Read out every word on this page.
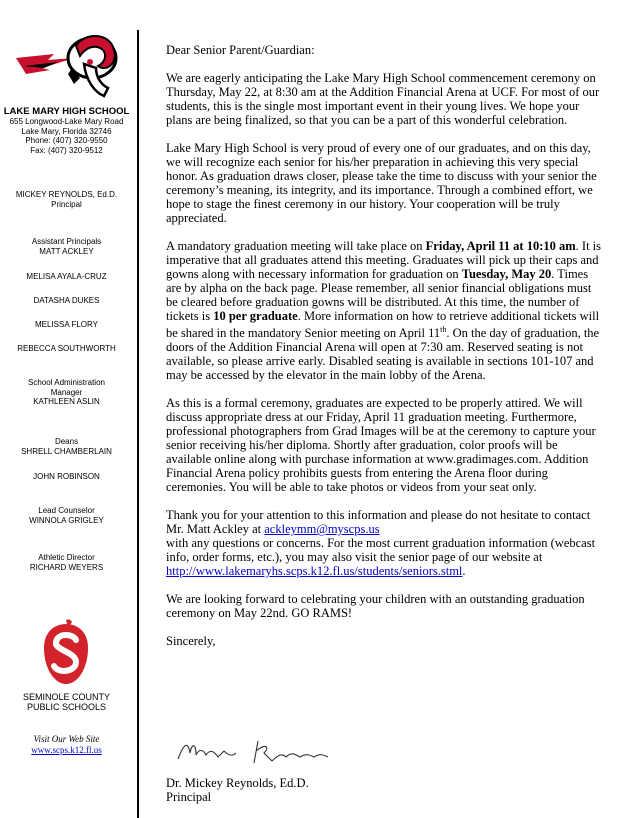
LAKE MARY HIGH SCHOOL
655 Longwood-Lake Mary Road
Lake Mary, Florida 32746
Phone: (407) 320-9550
Fax: (407) 320-9512
MICKEY REYNOLDS, Ed.D.
Principal
Assistant Principals
MATT ACKLEY
MELISA AYALA-CRUZ
DATASHA DUKES
MELISSA FLORY
REBECCA SOUTHWORTH
School Administration
Manager
KATHLEEN ASLIN
Deans
SHRELL CHAMBERLAIN
JOHN ROBINSON
Lead Counselor
WINNOLA GRIGLEY
Athletic Director
RICHARD WEYERS
SEMINOLE COUNTY
PUBLIC SCHOOLS
Visit Our Web Site
www.scps.k12.fl.us

Dear Senior Parent/Guardian:

We are eagerly anticipating the Lake Mary High School commencement ceremony on Thursday, May 22, at 8:30 am at the Addition Financial Arena at UCF. For most of our students, this is the single most important event in their young lives. We hope your plans are being finalized, so that you can be a part of this wonderful celebration.

Lake Mary High School is very proud of every one of our graduates, and on this day, we will recognize each senior for his/her preparation in achieving this very special honor. As graduation draws closer, please take the time to discuss with your senior the ceremony’s meaning, its integrity, and its importance. Through a combined effort, we hope to stage the finest ceremony in our history. Your cooperation will be truly appreciated.

A mandatory graduation meeting will take place on Friday, April 11 at 10:10 am. It is imperative that all graduates attend this meeting. Graduates will pick up their caps and gowns along with necessary information for graduation on Tuesday, May 20. Times are by alpha on the back page. Please remember, all senior financial obligations must be cleared before graduation gowns will be distributed. At this time, the number of tickets is 10 per graduate. More information on how to retrieve additional tickets will be shared in the mandatory Senior meeting on April 11th. On the day of graduation, the doors of the Addition Financial Arena will open at 7:30 am. Reserved seating is not available, so please arrive early. Disabled seating is available in sections 101-107 and may be accessed by the elevator in the main lobby of the Arena.

As this is a formal ceremony, graduates are expected to be properly attired. We will discuss appropriate dress at our Friday, April 11 graduation meeting. Furthermore, professional photographers from Grad Images will be at the ceremony to capture your senior receiving his/her diploma. Shortly after graduation, color proofs will be available online along with purchase information at www.gradimages.com. Addition Financial Arena policy prohibits guests from entering the Arena floor during ceremonies. You will be able to take photos or videos from your seat only.

Thank you for your attention to this information and please do not hesitate to contact Mr. Matt Ackley at ackleymm@myscps.us
with any questions or concerns. For the most current graduation information (webcast info, order forms, etc.), you may also visit the senior page of our website at http://www.lakemaryhs.scps.k12.fl.us/students/seniors.stml.

We are looking forward to celebrating your children with an outstanding graduation ceremony on May 22nd. GO RAMS!

Sincerely,

Dr. Mickey Reynolds, Ed.D.
Principal
